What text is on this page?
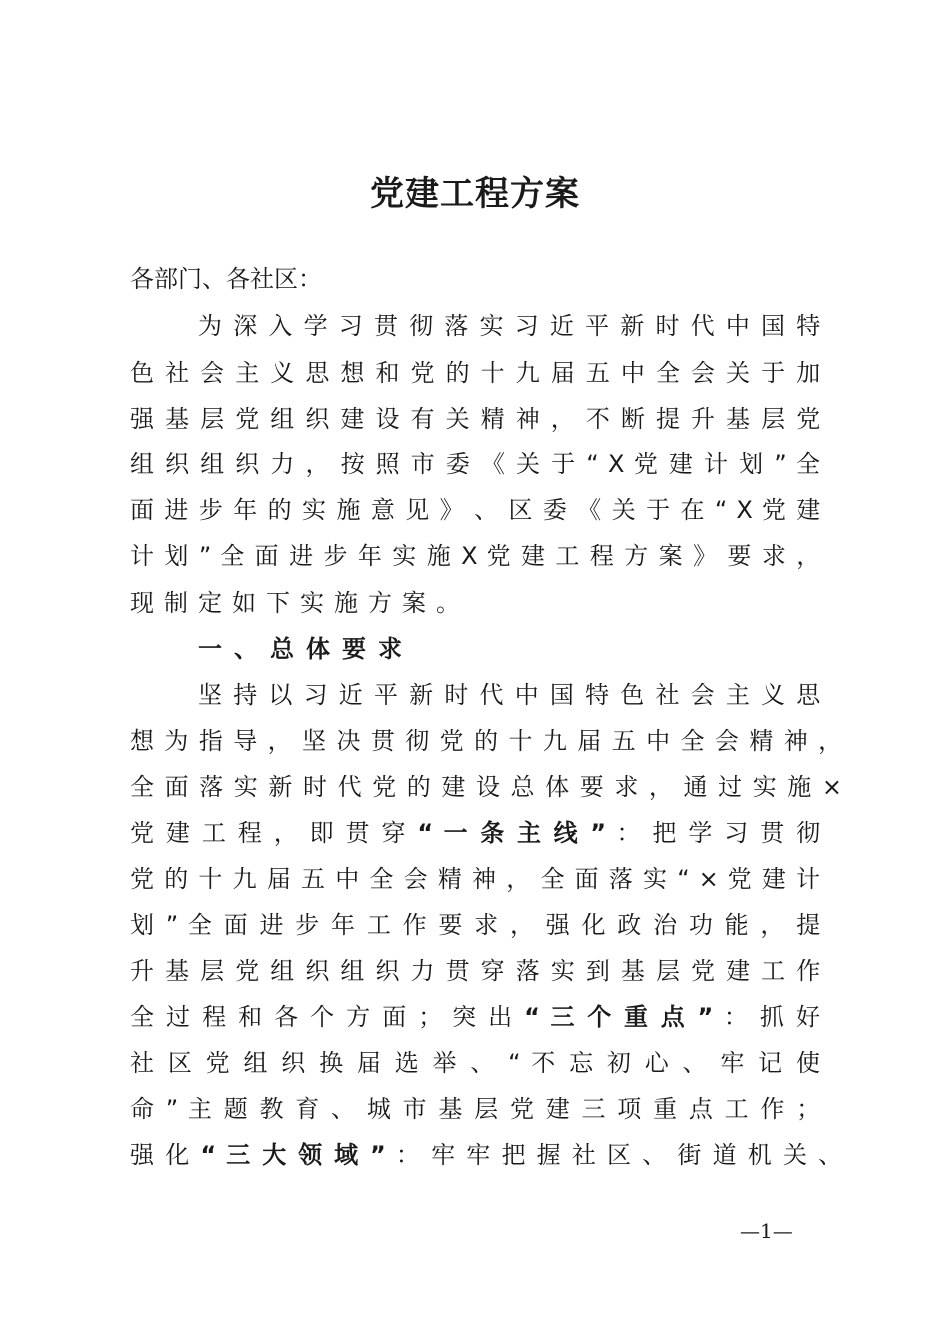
党建工程方案
各部门、各社区：
为 深 入 学 习 贯 彻 落 实 习 近 平 新 时 代 中 国 特
色 社 会 主 义 思 想 和 党 的 十 九 届 五 中 全 会 关 于 加
强 基 层 党 组 织 建 设 有 关 精 神 ， 不 断 提 升 基 层 党
组 织 组 织 力 ， 按 照 市 委 《 关 于 “ X 党 建 计 划 ” 全
面 进 步 年 的 实 施 意 见 》 、 区 委 《 关 于 在 “ X 党 建
计 划 ” 全 面 进 步 年 实 施 X 党 建 工 程 方 案 》 要 求 ，
现制定如下实施方案。
一、总体要求
坚 持 以 习 近 平 新 时 代 中 国 特 色 社 会 主 义 思
想 为 指 导 ， 坚 决 贯 彻 党 的 十 九 届 五 中 全 会 精 神 ，
全 面 落 实 新 时 代 党 的 建 设 总 体 要 求 ， 通 过 实 施 ×
党 建 工 程 ， 即 贯 穿 “ 一 条 主 线 ” ： 把 学 习 贯 彻
党 的 十 九 届 五 中 全 会 精 神 ， 全 面 落 实 “ × 党 建 计
划 ” 全 面 进 步 年 工 作 要 求 ， 强 化 政 治 功 能 ， 提
升 基 层 党 组 织 组 织 力 贯 穿 落 实 到 基 层 党 建 工 作
全 过 程 和 各 个 方 面 ； 突 出 “ 三 个 重 点 ” ： 抓 好
社 区 党 组 织 换 届 选 举 、 “ 不 忘 初 心 、 牢 记 使
命 ” 主 题 教 育 、 城 市 基 层 党 建 三 项 重 点 工 作 ；
强 化 “ 三 大 领 域 ” ： 牢 牢 把 握 社 区 、 街 道 机 关 、
—1—
